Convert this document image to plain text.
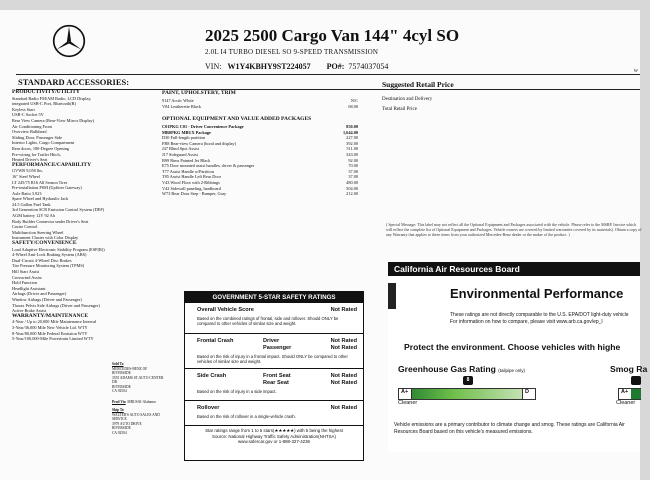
2025 2500 Cargo Van 144" 4cyl SO
2.0L I4 TURBO DIESEL SO 9-SPEED TRANSMISSION
VIN: W1Y4KBHY9ST224057 PO#: 7574037054	W
STANDARD ACCESSORIES:	Suggested Retail Price
PRODUCTIVITY/UTILITY
Standard Radio FM/AM Radio, LCD Display,
integrated USB-C Port, Bluetooth(R)
Keyless Start
USB-C Socket 5V
Rear View Camera (Rear-View Mirror Display)
Air Conditioning Front
Overview Bulkhead
Sliding Door, Passenger Side
Interior Lights, Cargo Compartment
Rear doors, 180-Degree Opening
Pre-wiring for Trailer Hitch,
Heated Driver's Seat
PERFORMANCE/CAPABILITY
GVWR 9,050 lbs.
16" Steel Wheel
LT 245/75 R16 All Season Tires
Pre-installation PSM (Upfitter Gateway)
Axle Ratio 3.923
Spare Wheel and Hydraulic Jack
24.5 Gallon Fuel Tank
3rd Generation SCR Emission Control System (DEF)
AGM battery 12V 92 Ah
Body Builder Connector under Driver's Seat
Cruise Control
Multifunction Steering Wheel
Instrument Cluster with Color Display
SAFETY/CONVENIENCE
Load Adaptive Electronic Stability Program (ESP(R))
4-Wheel Anti-Lock Braking System (ABS)
Dual-Circuit 4-Wheel Disc Brakes
Tire Pressure Monitoring System (TPMS)
Hill Start Assist
Crosswind Assist
Hold Function
Headlight Assistant
Airbags (Driver and Passenger)
Window Airbags (Driver and Passenger)
Thorax Pelvis Side Airbags (Driver and Passenger)
Active Brake Assist
WARRANTY/MAINTENANCE
4-Year / Up to 20,000 Mile Maintenance Interval
3-Year/36,000 Mile New Vehicle Ltd. WTY
8-Year/80,000 Mile Federal Emission WTY
5-Year/100,000-Mile Powertrain Limited WTY
Sold To
MERCEDES-BENZ OF RIVERSIDE
3555 ADAMS ST,AUTO CENTER DR
RIVERSIDE
CA 92504
Prod Via MBUSAI-Alabama
Ship To
WALTER'S AUTO SALES AND SERVICE
3979 AUTO DRIVE
RIVERSIDE
CA 92504
PAINT, UPHOLSTERY, TRIM
9147 Arctic White	N/C
V84 Leatherette Black	68.00
OPTIONAL EQUIPMENT AND VALUE ADDED PACKAGES
C01PKG C01 - Driver Convenience Package	850.00
MB0PKG MBUX Package	1,644.00
D30 Full-length partition	227.00
FR8 Rear-view Camera (hood and display)	392.00
J47 Blind Spot Assist	511.00
J17 Sideguard Assist	343.00
B99 Rims Painted Jet Black	92.00
E75 Door mounted assist handles, driver & passenger	70.00
T77 Assist Handle w/Partition	37.00
T85 Assist Handle Left Rear Door	37.00
V43 Wood Floor with 2-Ribbings	480.00
V42 Sidewall paneling, hardboard	504.00
W73 Rear Door Step - Bumper, Gray	212.00
Destination and Delivery
Total Retail Price
( Special Message: This label may not reflect all the Optional Equipment and Packages associated with the vehicle. Please refer to the MSRP. Invoice which will reflect the complete list of Optional Equipment and Packages. Vehicle owners are covered by limited warranties covered by its materials). Obtain a copy of any Warranty that applies to these items from your authorized Mercedes-Benz dealer or the maker of the product. )
GOVERNMENT 5-STAR SAFETY RATINGS
Overall Vehicle Score	Not Rated
Based on the combined ratings of frontal, side and rollover. Should ONLY be compared to other vehicles of similar size and weight.
Frontal Crash	Driver	Not Rated
Passenger	Not Rated
Based on the risk of injury in a frontal impact. Should ONLY be compared to other vehicles of similar size and weight.
Side Crash	Front Seat	Not Rated
Rear Seat	Not Rated
Based on the risk of injury in a side impact.
Rollover	Not Rated
Based on the risk of rollover in a single-vehicle crash.
Star ratings range from 1 to 5 stars(★★★★★) with 5 being the highest
Source: National Highway Traffic Safety Administration(NHTSA)
www.safercar.gov or 1-888-327-4236
California Air Resources Board
Environmental Performance
These ratings are not directly comparable to the U.S. EPA/DOT light-duty vehicle
For information on how to compare, please visit www.arb.ca.gov/ep_l
Protect the environment. Choose vehicles with highe
Greenhouse Gas Rating (tailpipe only)
8
A+	D
Cleaner
Smog Ra
A+
Cleaner
Vehicle emissions are a primary contributor to climate change and smog. These ratings are California Air Resources Board based on this vehicle's measured emissions.
